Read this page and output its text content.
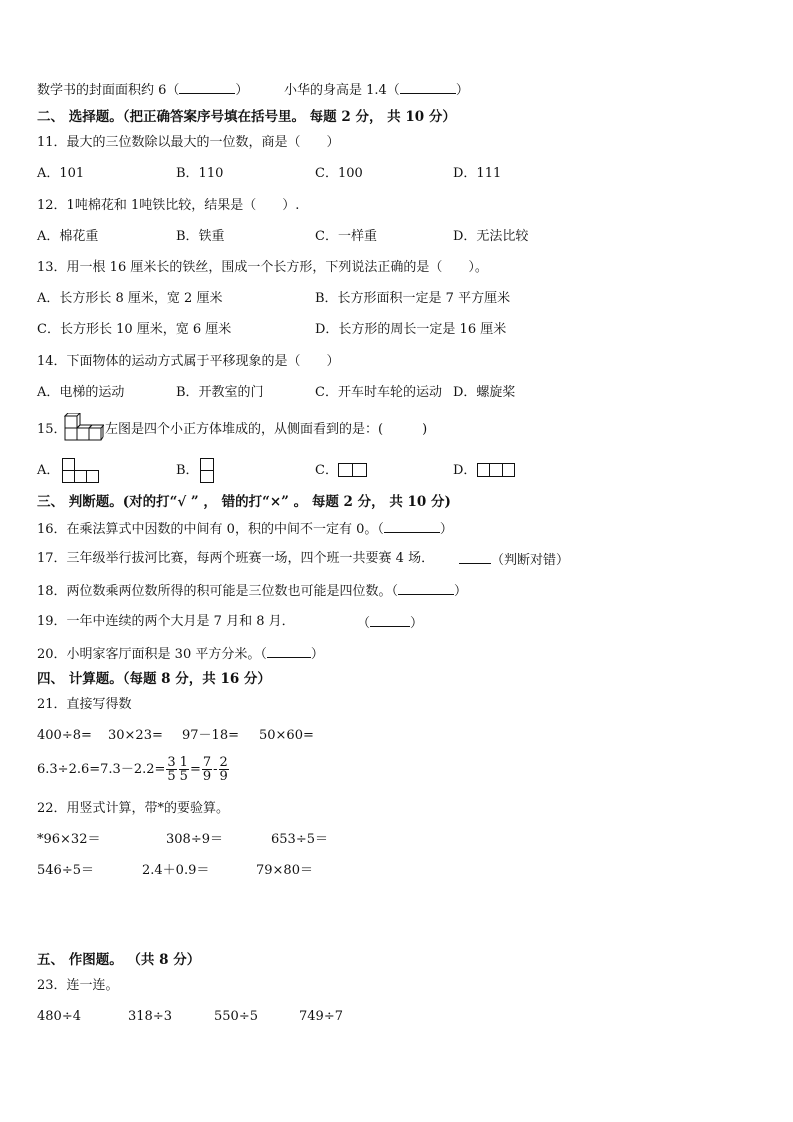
数学书的封面面积约 6（	）	小华的身高是 1.4（	）
二、 选择题。（把正确答案序号填在括号里。 每题 2 分， 共 10 分）
11．最大的三位数除以最大的一位数，商是（　　）
A．101	B．110	C．100	D．111
12．1吨棉花和 1吨铁比较，结果是（　　）.
A．棉花重	B．铁重	C．一样重	D．无法比较
13．用一根 16 厘米长的铁丝，围成一个长方形，下列说法正确的是（　　）。
A．长方形长 8 厘米，宽 2 厘米	B．长方形面积一定是 7 平方厘米
C．长方形长 10 厘米，宽 6 厘米	D．长方形的周长一定是 16 厘米
14．下面物体的运动方式属于平移现象的是（　　）
A．电梯的运动	B．开教室的门	C．开车时车轮的运动 D．螺旋桨
15．	左图是四个小正方体堆成的，从侧面看到的是：(　　　)
A．	B．	C．	D．
三、 判断题。(对的打“√ ” ， 错的打“×” 。 每题 2 分， 共 10 分)
16．在乘法算式中因数的中间有 0，积的中间不一定有 0。（	）
17．三年级举行拔河比赛，每两个班赛一场，四个班一共要赛 4 场．	（判断对错）
18．两位数乘两位数所得的积可能是三位数也可能是四位数。（	）
19．一年中连续的两个大月是 7 月和 8 月．	（	）
20．小明家客厅面积是 30 平方分米。（	）
四、 计算题。（每题 8 分，共 16 分）
21．直接写得数
400÷8= 30×23= 97－18= 50×60=
$6.3\div 2.6=7.3-2.2= \frac{3}{5} \frac{1}{5} = \frac{7}{9} - \frac{2}{9}$
22．用竖式计算，带*的要验算。
*96×32＝	308÷9＝	653÷5＝
546÷5＝	2.4＋0.9＝	79×80＝
五、 作图题。 （共 8 分）
23．连一连。
480÷4	318÷3	550÷5	749÷7
